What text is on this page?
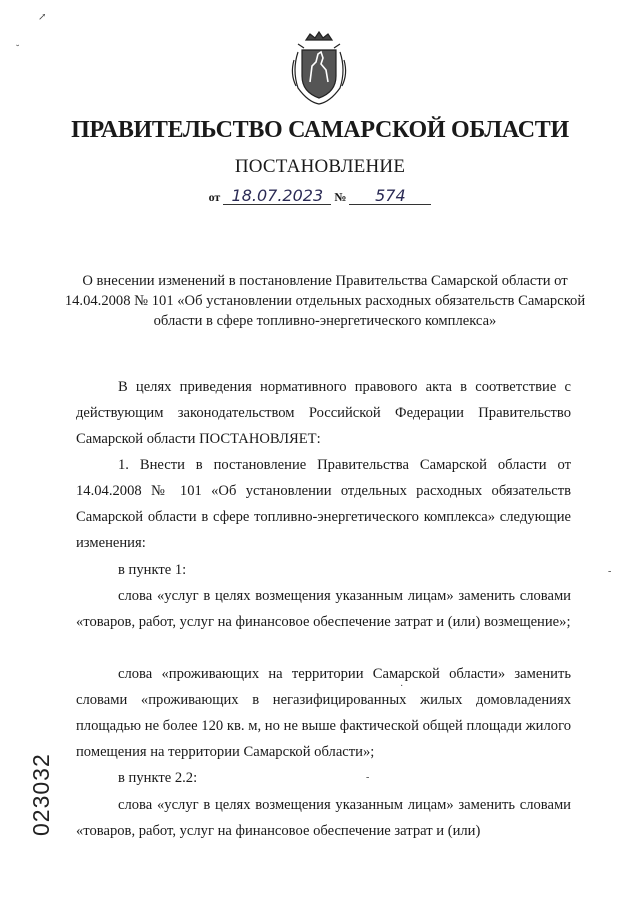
ПРАВИТЕЛЬСТВО САМАРСКОЙ ОБЛАСТИ
ПОСТАНОВЛЕНИЕ
от 18.07.2023 № 574
О внесении изменений в постановление Правительства Самарской области от 14.04.2008 № 101 «Об установлении отдельных расходных обязательств Самарской области в сфере топливно-энергетического комплекса»
В целях приведения нормативного правового акта в соответствие с действующим законодательством Российской Федерации Правительство Самарской области ПОСТАНОВЛЯЕТ:
1. Внести в постановление Правительства Самарской области от 14.04.2008 № 101 «Об установлении отдельных расходных обязательств Самарской области в сфере топливно-энергетического комплекса» следующие изменения:
в пункте 1:
слова «услуг в целях возмещения указанным лицам» заменить словами «товаров, работ, услуг на финансовое обеспечение затрат и (или) возмещение»;
слова «проживающих на территории Самарской области» заменить словами «проживающих в негазифицированных жилых домовладениях площадью не более 120 кв. м, но не выше фактической общей площади жилого помещения на территории Самарской области»;
в пункте 2.2:
слова «услуг в целях возмещения указанным лицам» заменить словами «товаров, работ, услуг на финансовое обеспечение затрат и (или)
023032
↗
˘
-
-
·
